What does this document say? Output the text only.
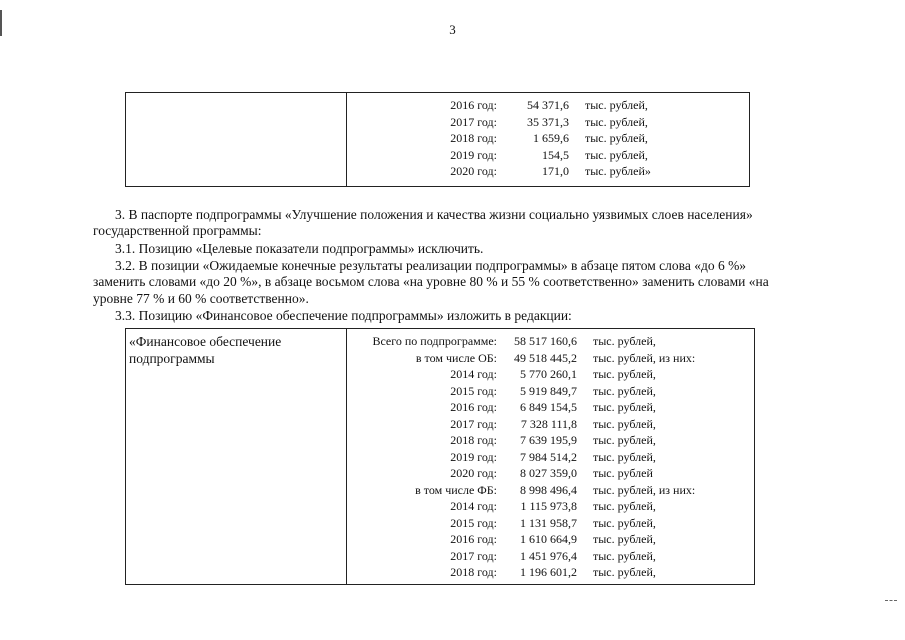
3

2016 год:	54 371,6	тыс. рублей,
2017 год:	35 371,3	тыс. рублей,
2018 год:	1 659,6	тыс. рублей,
2019 год:	154,5	тыс. рублей,
2020 год:	171,0	тыс. рублей»
3. В паспорте подпрограммы «Улучшение положения и качества жизни социально уязвимых слоев населения»
государственной программы:
3.1. Позицию «Целевые показатели подпрограммы» исключить.
3.2. В позиции «Ожидаемые конечные результаты реализации подпрограммы» в абзаце пятом слова «до 6 %»
заменить словами «до 20 %», в абзаце восьмом слова «на уровне 80 % и 55 % соответственно» заменить словами «на
уровне 77 % и 60 % соответственно».
3.3. Позицию «Финансовое обеспечение подпрограммы» изложить в редакции:
«Финансовое обеспечение
подпрограммы

Всего по подпрограмме:	58 517 160,6	тыс. рублей,
в том числе ОБ:	49 518 445,2	тыс. рублей, из них:
2014 год:	5 770 260,1	тыс. рублей,
2015 год:	5 919 849,7	тыс. рублей,
2016 год:	6 849 154,5	тыс. рублей,
2017 год:	7 328 111,8	тыс. рублей,
2018 год:	7 639 195,9	тыс. рублей,
2019 год:	7 984 514,2	тыс. рублей,
2020 год:	8 027 359,0	тыс. рублей
в том числе ФБ:	8 998 496,4	тыс. рублей, из них:
2014 год:	1 115 973,8	тыс. рублей,
2015 год:	1 131 958,7	тыс. рублей,
2016 год:	1 610 664,9	тыс. рублей,
2017 год:	1 451 976,4	тыс. рублей,
2018 год:	1 196 601,2	тыс. рублей,
